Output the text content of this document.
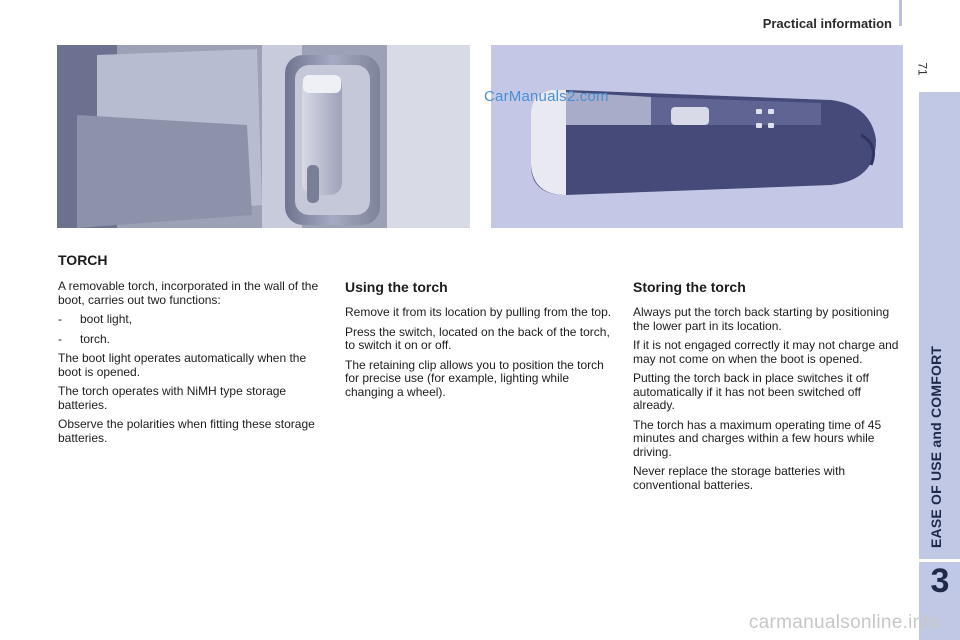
Practical information
71
EASE OF USE and COMFORT
3
CarManuals2.com
TORCH

A removable torch, incorporated in the wall of the boot, carries out two functions:

-	boot light,
-	torch.

The boot light operates automatically when the boot is opened.

The torch operates with NiMH type storage batteries.

Observe the polarities when fitting these storage batteries.

Using the torch

Remove it from its location by pulling from the top.

Press the switch, located on the back of the torch, to switch it on or off.

The retaining clip allows you to position the torch for precise use (for example, lighting while changing a wheel).

Storing the torch

Always put the torch back starting by positioning the lower part in its location.

If it is not engaged correctly it may not charge and may not come on when the boot is opened.

Putting the torch back in place switches it off automatically if it has not been switched off already.

The torch has a maximum operating time of 45 minutes and charges within a few hours while driving.

Never replace the storage batteries with conventional batteries.

carmanualsonline.info
